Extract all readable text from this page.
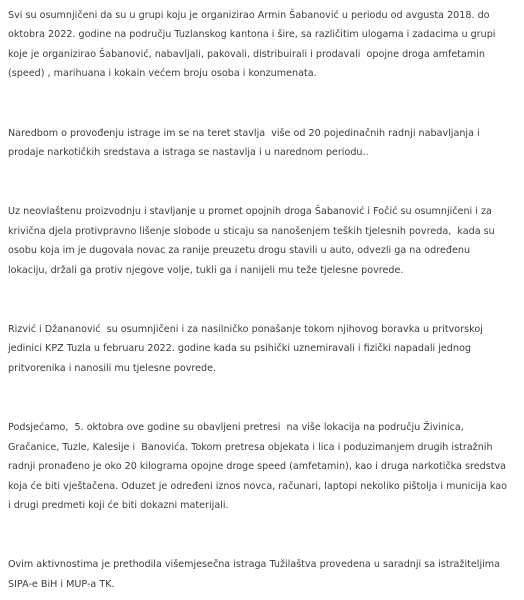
Svi su osumnjičeni da su u grupi koju je organizirao Armin Šabanović u periodu od avgusta 2018. do oktobra 2022. godine na području Tuzlanskog kantona i šire, sa različitim ulogama i zadacima u grupi koje je organizirao Šabanović, nabavljali, pakovali, distribuirali i prodavali  opojne droga amfetamin (speed) , marihuana i kokain većem broju osoba i konzumenata.

Naredbom o provođenju istrage im se na teret stavlja  više od 20 pojedinačnih radnji nabavljanja i prodaje narkotičkih sredstava a istraga se nastavlja i u narednom periodu..

Uz neovlaštenu proizvodnju i stavljanje u promet opojnih droga Šabanović i Fočić su osumnjičeni i za krivična djela protivpravno lišenje slobode u sticaju sa nanošenjem teških tjelesnih povreda,  kada su osobu koja im je dugovala novac za ranije preuzetu drogu stavili u auto, odvezli ga na određenu lokaciju, držali ga protiv njegove volje, tukli ga i nanijeli mu teže tjelesne povrede.

Rizvić i Džananović  su osumnjičeni i za nasilničko ponašanje tokom njihovog boravka u pritvorskoj jedinici KPZ Tuzla u februaru 2022. godine kada su psihički uznemiravali i fizički napadali jednog pritvorenika i nanosili mu tjelesne povrede.

Podsjećamo,  5. oktobra ove godine su obavljeni pretresi  na više lokacija na području Živinica, Gračanice, Tuzle, Kalesije i  Banovića. Tokom pretresa objekata i lica i poduzimanjem drugih istražnih radnji pronađeno je oko 20 kilograma opojne droge speed (amfetamin), kao i druga narkotička sredstva koja će biti vještačena. Oduzet je određeni iznos novca, računari, laptopi nekoliko pištolja i municija kao i drugi predmeti koji će biti dokazni materijali.

Ovim aktivnostima je prethodila višemjesečna istraga Tužilaštva provedena u saradnji sa istražiteljima SIPA-e BiH i MUP-a TK.
